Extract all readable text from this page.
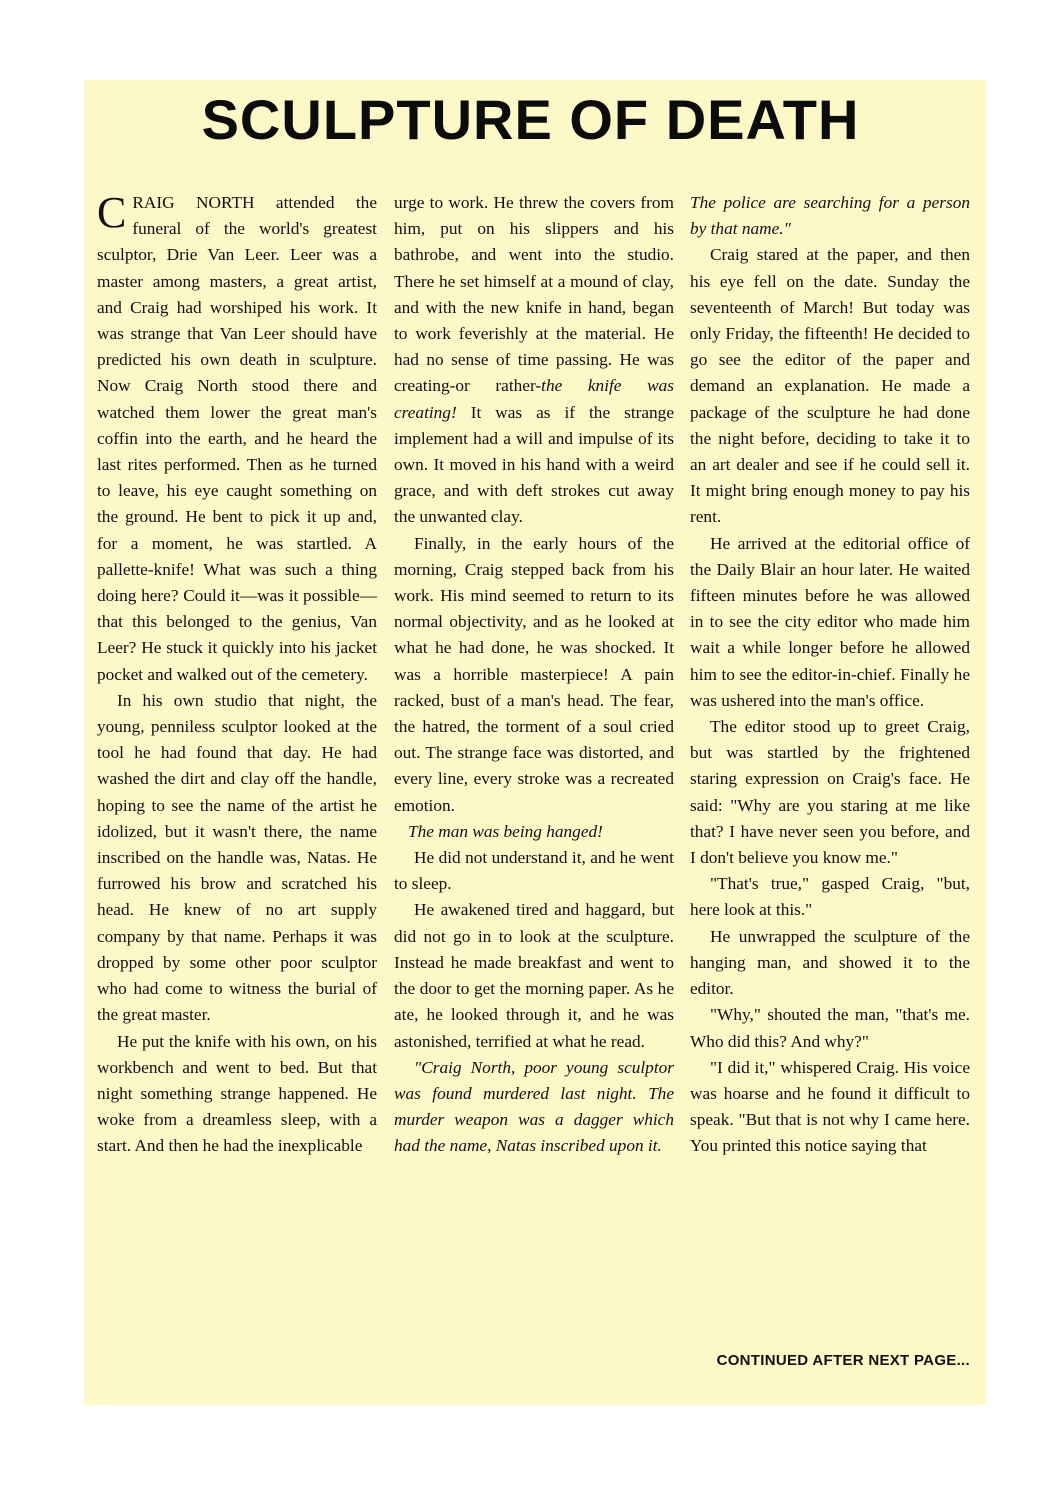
SCULPTURE OF DEATH

CRAIG NORTH attended the funeral of the world's greatest sculptor, Drie Van Leer. Leer was a master among masters, a great artist, and Craig had worshiped his work. It was strange that Van Leer should have predicted his own death in sculpture. Now Craig North stood there and watched them lower the great man's coffin into the earth, and he heard the last rites performed. Then as he turned to leave, his eye caught something on the ground. He bent to pick it up and, for a moment, he was startled. A pallette-knife! What was such a thing doing here? Could it—was it possible—that this belonged to the genius, Van Leer? He stuck it quickly into his jacket pocket and walked out of the cemetery.

In his own studio that night, the young, penniless sculptor looked at the tool he had found that day. He had washed the dirt and clay off the handle, hoping to see the name of the artist he idolized, but it wasn't there, the name inscribed on the handle was, Natas. He furrowed his brow and scratched his head. He knew of no art supply company by that name. Perhaps it was dropped by some other poor sculptor who had come to witness the burial of the great master.

He put the knife with his own, on his workbench and went to bed. But that night something strange happened. He woke from a dreamless sleep, with a start. And then he had the inexplicable

urge to work. He threw the covers from him, put on his slippers and his bathrobe, and went into the studio. There he set himself at a mound of clay, and with the new knife in hand, began to work feverishly at the material. He had no sense of time passing. He was creating-or rather-the knife was creating! It was as if the strange implement had a will and impulse of its own. It moved in his hand with a weird grace, and with deft strokes cut away the unwanted clay.

Finally, in the early hours of the morning, Craig stepped back from his work. His mind seemed to return to its normal objectivity, and as he looked at what he had done, he was shocked. It was a horrible masterpiece! A pain racked, bust of a man's head. The fear, the hatred, the torment of a soul cried out. The strange face was distorted, and every line, every stroke was a recreated emotion.

The man was being hanged!

He did not understand it, and he went to sleep.

He awakened tired and haggard, but did not go in to look at the sculpture. Instead he made breakfast and went to the door to get the morning paper. As he ate, he looked through it, and he was astonished, terrified at what he read.

"Craig North, poor young sculptor was found murdered last night. The murder weapon was a dagger which had the name, Natas inscribed upon it.

The police are searching for a person by that name."

Craig stared at the paper, and then his eye fell on the date. Sunday the seventeenth of March! But today was only Friday, the fifteenth! He decided to go see the editor of the paper and demand an explanation. He made a package of the sculpture he had done the night before, deciding to take it to an art dealer and see if he could sell it. It might bring enough money to pay his rent.

He arrived at the editorial office of the Daily Blair an hour later. He waited fifteen minutes before he was allowed in to see the city editor who made him wait a while longer before he allowed him to see the editor-in-chief. Finally he was ushered into the man's office.

The editor stood up to greet Craig, but was startled by the frightened staring expression on Craig's face. He said: "Why are you staring at me like that? I have never seen you before, and I don't believe you know me."

"That's true," gasped Craig, "but, here look at this."

He unwrapped the sculpture of the hanging man, and showed it to the editor.

"Why," shouted the man, "that's me. Who did this? And why?"

"I did it," whispered Craig. His voice was hoarse and he found it difficult to speak. "But that is not why I came here. You printed this notice saying that

CONTINUED AFTER NEXT PAGE...
